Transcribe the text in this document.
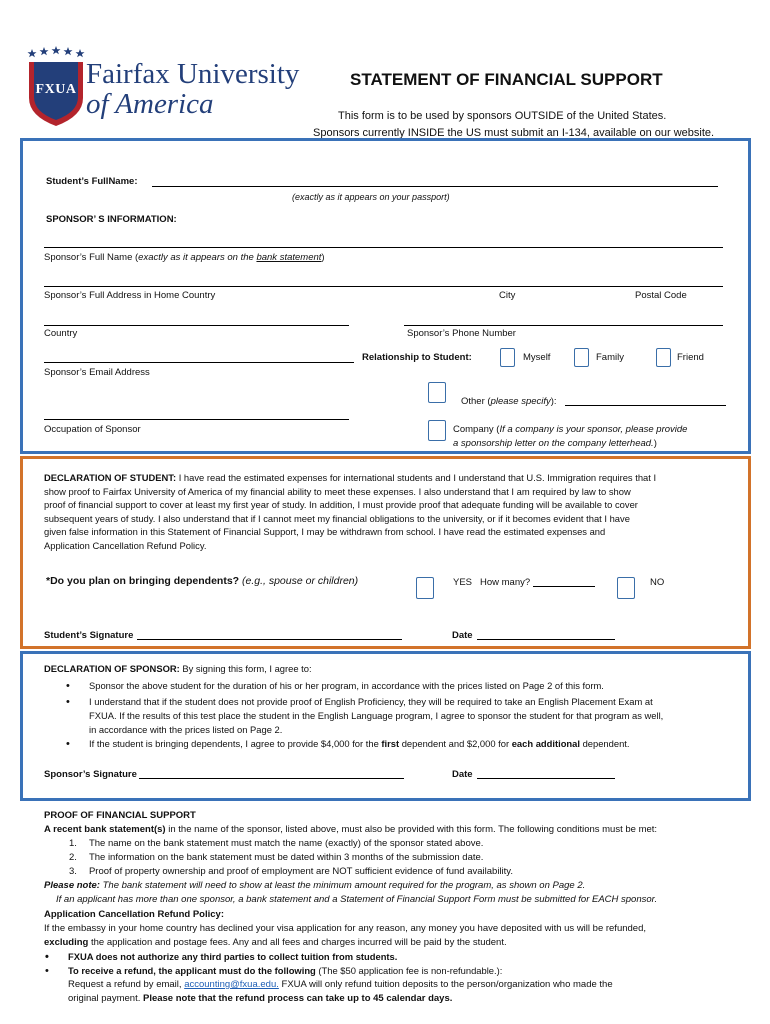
FXUA Fairfax University
of America
STATEMENT OF FINANCIAL SUPPORT
This form is to be used by sponsors OUTSIDE of the United States.
Sponsors currently INSIDE the US must submit an I-134, available on our website.
Student’s FullName:
(exactly as it appears on your passport)
SPONSOR’ S INFORMATION:
Sponsor’s Full Name (exactly as it appears on the bank statement)
Sponsor’s Full Address in Home Country	City	Postal Code
Country	Sponsor’s Phone Number
Relationship to Student:	Myself	Family	Friend
Sponsor’s Email Address
Other (please specify):
Occupation of Sponsor	Company (If a company is your sponsor, please provide
a sponsorship letter on the company letterhead.)
DECLARATION OF STUDENT: I have read the estimated expenses for international students and I understand that U.S. Immigration requires that I
show proof to Fairfax University of America of my financial ability to meet these expenses. I also understand that I am required by law to show
proof of financial support to cover at least my first year of study. In addition, I must provide proof that adequate funding will be available to cover
subsequent years of study. I also understand that if I cannot meet my financial obligations to the university, or if it becomes evident that I have
given false information in this Statement of Financial Support, I may be withdrawn from school. I have read the estimated expenses and
Application Cancellation Refund Policy.
*Do you plan on bringing dependents? (e.g., spouse or children)	YES How many?	NO
Student’s Signature	Date
DECLARATION OF SPONSOR: By signing this form, I agree to:
• Sponsor the above student for the duration of his or her program, in accordance with the prices listed on Page 2 of this form.
• I understand that if the student does not provide proof of English Proficiency, they will be required to take an English Placement Exam at
FXUA. If the results of this test place the student in the English Language program, I agree to sponsor the student for that program as well,
in accordance with the prices listed on Page 2.
• If the student is bringing dependents, I agree to provide $4,000 for the first dependent and $2,000 for each additional dependent.
Sponsor’s Signature	Date
PROOF OF FINANCIAL SUPPORT
A recent bank statement(s) in the name of the sponsor, listed above, must also be provided with this form. The following conditions must be met:
1. The name on the bank statement must match the name (exactly) of the sponsor stated above.
2. The information on the bank statement must be dated within 3 months of the submission date.
3. Proof of property ownership and proof of employment are NOT sufficient evidence of fund availability.
Please note: The bank statement will need to show at least the minimum amount required for the program, as shown on Page 2.
If an applicant has more than one sponsor, a bank statement and a Statement of Financial Support Form must be submitted for EACH sponsor.
Application Cancellation Refund Policy:
If the embassy in your home country has declined your visa application for any reason, any money you have deposited with us will be refunded,
excluding the application and postage fees. Any and all fees and charges incurred will be paid by the student.
• FXUA does not authorize any third parties to collect tuition from students.
• To receive a refund, the applicant must do the following (The $50 application fee is non-refundable.):
Request a refund by email, accounting@fxua.edu. FXUA will only refund tuition deposits to the person/organization who made the
original payment. Please note that the refund process can take up to 45 calendar days.
